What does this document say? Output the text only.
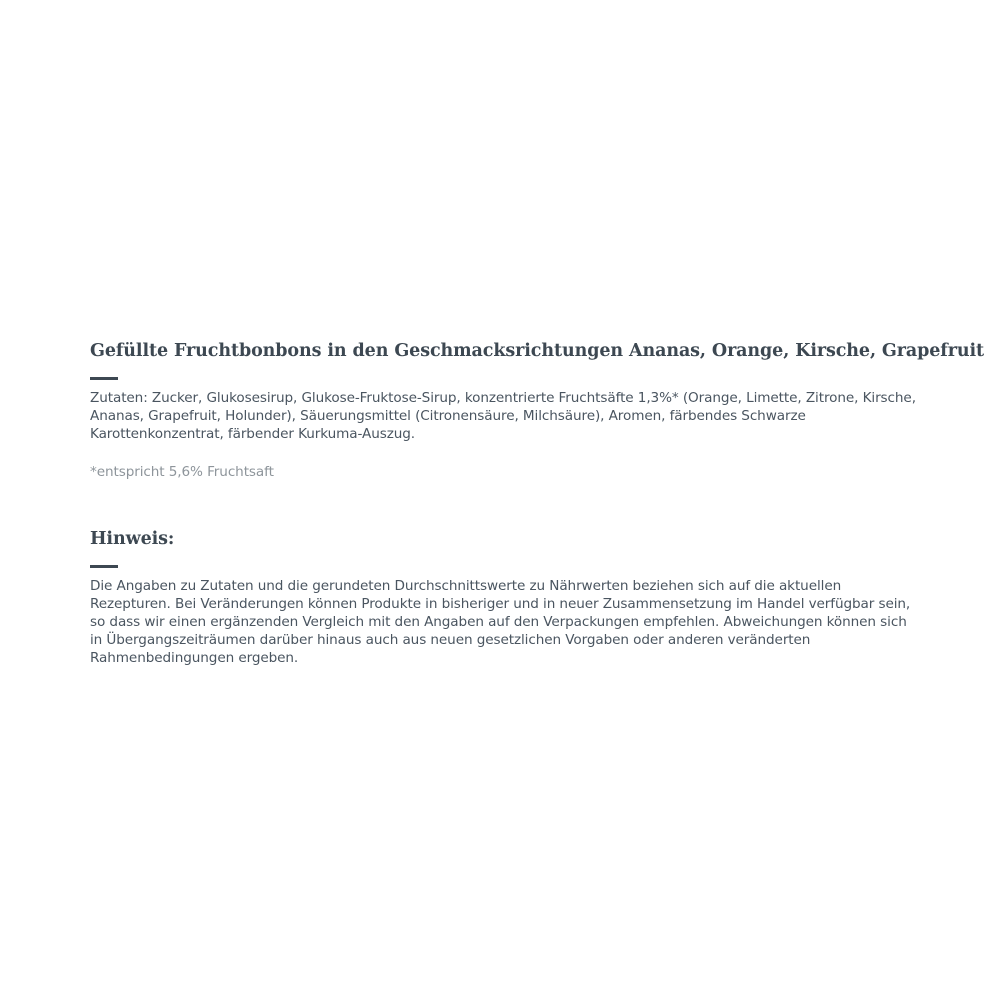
Gefüllte Fruchtbonbons in den Geschmacksrichtungen Ananas, Orange, Kirsche, Grapefruit

Zutaten: Zucker, Glukosesirup, Glukose-Fruktose-Sirup, konzentrierte Fruchtsäfte 1,3%* (Orange, Limette, Zitrone, Kirsche, Ananas, Grapefruit, Holunder), Säuerungsmittel (Citronensäure, Milchsäure), Aromen, färbendes Schwarze Karottenkonzentrat, färbender Kurkuma-Auszug.

*entspricht 5,6% Fruchtsaft

Hinweis:

Die Angaben zu Zutaten und die gerundeten Durchschnittswerte zu Nährwerten beziehen sich auf die aktuellen Rezepturen. Bei Veränderungen können Produkte in bisheriger und in neuer Zusammensetzung im Handel verfügbar sein, so dass wir einen ergänzenden Vergleich mit den Angaben auf den Verpackungen empfehlen. Abweichungen können sich in Übergangszeiträumen darüber hinaus auch aus neuen gesetzlichen Vorgaben oder anderen veränderten Rahmenbedingungen ergeben.
